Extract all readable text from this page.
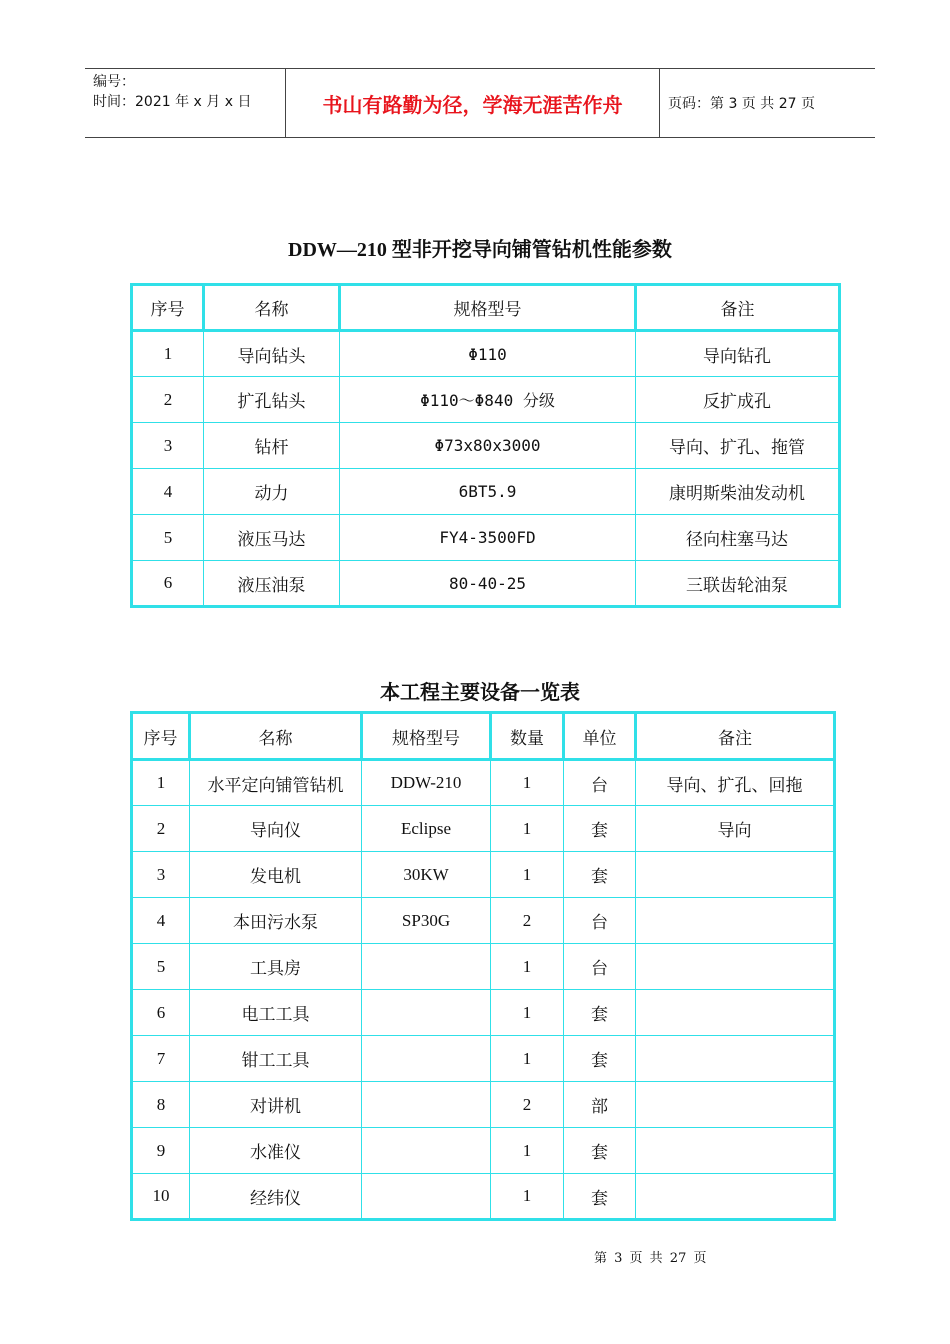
编号：
时间：2021 年 x 月 x 日	书山有路勤为径，学海无涯苦作舟	页码：第 3 页 共 27 页
DDW—210 型非开挖导向铺管钻机性能参数
序号	名称	规格型号	备注
1	导向钻头	Φ110	导向钻孔
2	扩孔钻头	Φ110～Φ840 分级	反扩成孔
3	钻杆	Φ73x80x3000	导向、扩孔、拖管
4	动力	6BT5.9	康明斯柴油发动机
5	液压马达	FY4-3500FD	径向柱塞马达
6	液压油泵	80-40-25	三联齿轮油泵
本工程主要设备一览表
序号	名称	规格型号	数量	单位	备注
1	水平定向铺管钻机	DDW-210	1	台	导向、扩孔、回拖
2	导向仪	Eclipse	1	套	导向
3	发电机	30KW	1	套	
4	本田污水泵	SP30G	2	台	
5	工具房		1	台	
6	电工工具		1	套	
7	钳工工具		1	套	
8	对讲机		2	部	
9	水准仪		1	套	
10	经纬仪		1	套	
第 3 页 共 27 页
